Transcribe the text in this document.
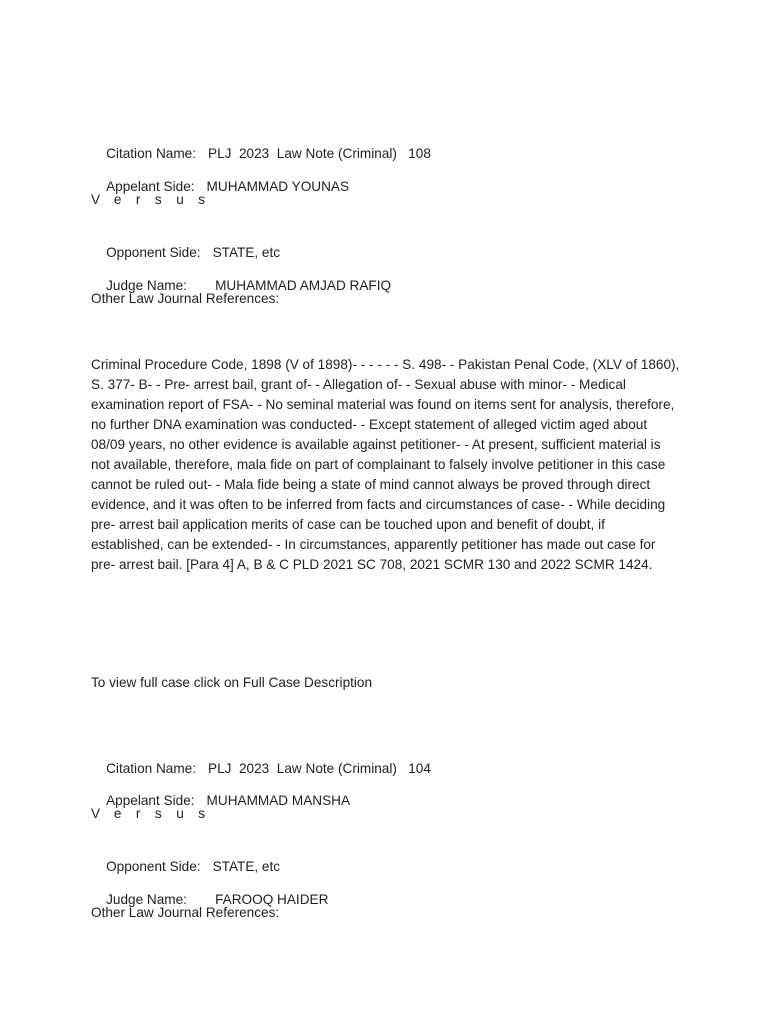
Citation Name: PLJ  2023  Law Note (Criminal)   108

Appelant Side: MUHAMMAD YOUNAS

Versus

Opponent Side: STATE, etc

Judge Name: MUHAMMAD AMJAD RAFIQ

Other Law Journal References:
Criminal Procedure Code, 1898 (V of 1898)- - - - - - S. 498- - Pakistan Penal Code, (XLV of 1860), S. 377- B- - Pre- arrest bail, grant of- - Allegation of- - Sexual abuse with minor- - Medical examination report of FSA- - No seminal material was found on items sent for analysis, therefore, no further DNA examination was conducted- - Except statement of alleged victim aged about 08/09 years, no other evidence is available against petitioner- - At present, sufficient material is not available, therefore, mala fide on part of complainant to falsely involve petitioner in this case cannot be ruled out- - Mala fide being a state of mind cannot always be proved through direct evidence, and it was often to be inferred from facts and circumstances of case- - While deciding pre- arrest bail application merits of case can be touched upon and benefit of doubt, if established, can be extended- - In circumstances, apparently petitioner has made out case for pre- arrest bail. [Para 4] A, B & C PLD 2021 SC 708, 2021 SCMR 130 and 2022 SCMR 1424.
To view full case click on Full Case Description

Citation Name: PLJ  2023  Law Note (Criminal)   104

Appelant Side: MUHAMMAD MANSHA

Versus

Opponent Side: STATE, etc

Judge Name: FAROOQ HAIDER

Other Law Journal References:
